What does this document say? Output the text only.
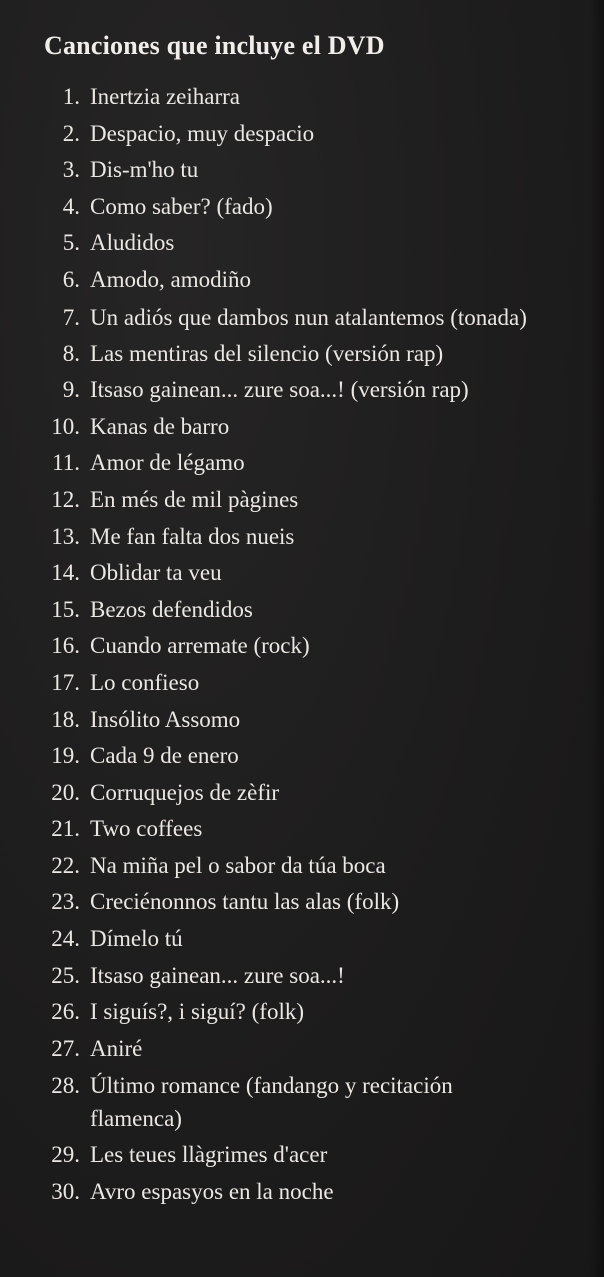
Canciones que incluye el DVD
1. Inertzia zeiharra
2. Despacio, muy despacio
3. Dis-m'ho tu
4. Como saber? (fado)
5. Aludidos
6. Amodo, amodiño
7. Un adiós que dambos nun atalantemos (tonada)
8. Las mentiras del silencio (versión rap)
9. Itsaso gainean... zure soa...! (versión rap)
10. Kanas de barro
11. Amor de légamo
12. En més de mil pàgines
13. Me fan falta dos nueis
14. Oblidar ta veu
15. Bezos defendidos
16. Cuando arremate (rock)
17. Lo confieso
18. Insólito Assomo
19. Cada 9 de enero
20. Corruquejos de zèfir
21. Two coffees
22. Na miña pel o sabor da túa boca
23. Creciénonnos tantu las alas (folk)
24. Dímelo tú
25. Itsaso gainean... zure soa...!
26. I siguís?, i siguí? (folk)
27. Aniré
28. Último romance (fandango y recitación flamenca)
29. Les teues llàgrimes d'acer
30. Avro espasyos en la noche
